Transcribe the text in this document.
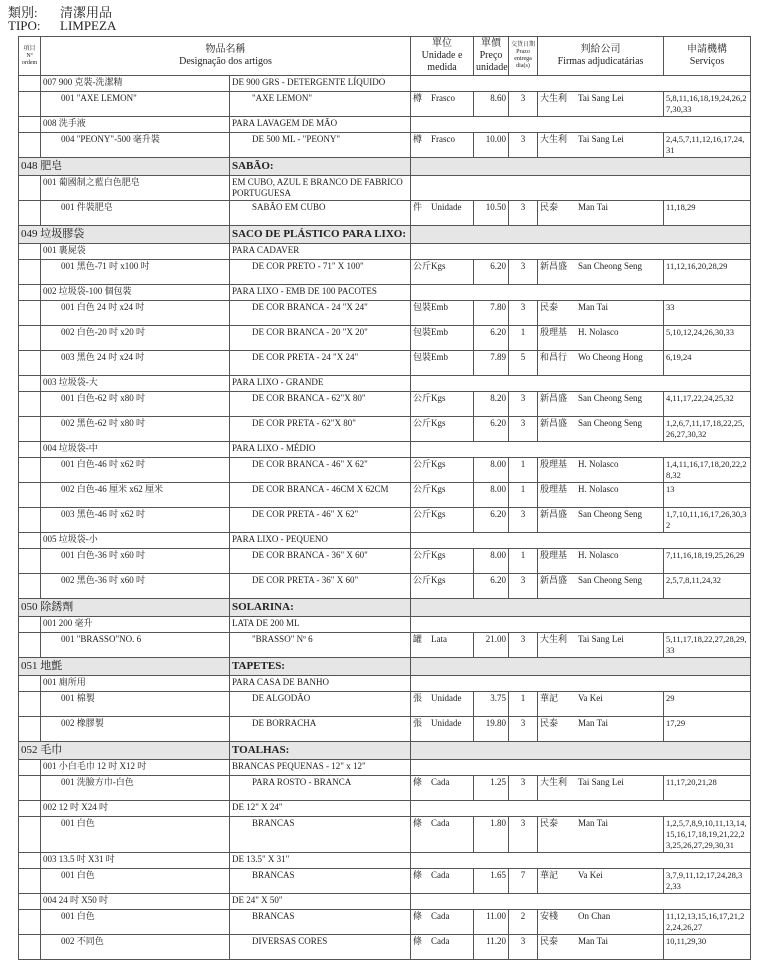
類別: 清潔用品
TIPO: LIMPEZA
項目
Nº
ordem	物品名稱
Designação dos artigos		單位
Unidade e
medida	單價
Preço
unidade	交貨日期 Prazo
entrega
dia(s)	判給公司
Firmas adjudicatárias	申請機構
Serviços
	007 900 克裝-洗潔精	DE 900 GRS - DETERGENTE LÍQUIDO					
	001 "AXE LEMON"	"AXE LEMON"	樽 Frasco	8.60	3	大生利 Tai Sang Lei	5,8,11,16,18,19,24,26,27,30,33
	008 洗手液	PARA LAVAGEM DE MÃO					
	004 "PEONY"-500 毫升裝	DE 500 ML - "PEONY"	樽 Frasco	10.00	3	大生利 Tai Sang Lei	2,4,5,7,11,12,16,17,24,31
048 肥皂		SABÃO:					
	001 葡國制之藍白色肥皂	EM CUBO, AZUL E BRANCO DE FABRICO PORTUGUESA					
	001 件裝肥皂	SABÃO EM CUBO	件 Unidade	10.50	3	民泰 Man Tai	11,18,29
049 垃圾膠袋		SACO DE PLÁSTICO PARA LIXO:					
	001 裹屍袋	PARA CADAVER					
	001 黑色-71 吋 x100 吋	DE COR PRETO - 71" X 100"	公斤Kgs	6.20	3	新昌盛 San Cheong Seng	11,12,16,20,28,29
	002 垃圾袋-100 個包裝	PARA LIXO - EMB DE 100 PACOTES					
	001 白色 24 吋 x24 吋	DE COR BRANCA - 24 "X 24"	包裝Emb	7.80	3	民泰 Man Tai	33
	002 白色-20 吋 x20 吋	DE COR BRANCA - 20 "X 20"	包裝Emb	6.20	1	殷理基 H. Nolasco	5,10,12,24,26,30,33
	003 黑色 24 吋 x24 吋	DE COR PRETA - 24 "X 24"	包裝Emb	7.89	5	和昌行 Wo Cheong Hong	6,19,24
	003 垃圾袋-大	PARA LIXO - GRANDE					
	001 白色-62 吋 x80 吋	DE COR BRANCA - 62"X 80"	公斤Kgs	8.20	3	新昌盛 San Cheong Seng	4,11,17,22,24,25,32
	002 黑色-62 吋 x80 吋	DE COR PRETA - 62"X 80"	公斤Kgs	6.20	3	新昌盛 San Cheong Seng	1,2,6,7,11,17,18,22,25,26,27,30,32
	004 垃圾袋-中	PARA LIXO - MÉDIO					
	001 白色-46 吋 x62 吋	DE COR BRANCA - 46" X 62"	公斤Kgs	8.00	1	殷理基 H. Nolasco	1,4,11,16,17,18,20,22,28,32
	002 白色-46 厘米 x62 厘米	DE COR BRANCA - 46CM X 62CM	公斤Kgs	8.00	1	殷理基 H. Nolasco	13
	003 黑色-46 吋 x62 吋	DE COR PRETA - 46" X 62"	公斤Kgs	6.20	3	新昌盛 San Cheong Seng	1,7,10,11,16,17,26,30,32
	005 垃圾袋-小	PARA LIXO - PEQUENO					
	001 白色-36 吋 x60 吋	DE COR BRANCA - 36" X 60"	公斤Kgs	8.00	1	殷理基 H. Nolasco	7,11,16,18,19,25,26,29
	002 黑色-36 吋 x60 吋	DE COR PRETA - 36" X 60"	公斤Kgs	6.20	3	新昌盛 San Cheong Seng	2,5,7,8,11,24,32
050 除銹劑		SOLARINA:					
	001 200 毫升	LATA DE 200 ML					
	001 "BRASSO"NO. 6	"BRASSO" Nº 6	罐 Lata	21.00	3	大生利 Tai Sang Lei	5,11,17,18,22,27,28,29,33
051 地氈		TAPETES:					
	001 廁所用	PARA CASA DE BANHO					
	001 棉製	DE ALGODÃO	張 Unidade	3.75	1	華記 Va Kei	29
	002 橡膠製	DE BORRACHA	張 Unidade	19.80	3	民泰 Man Tai	17,29
052 毛巾		TOALHAS:					
	001 小白毛巾 12 吋 X12 吋	BRANCAS PEQUENAS - 12" x 12"					
	001 洗臉方巾-白色	PARA ROSTO - BRANCA	條 Cada	1.25	3	大生利 Tai Sang Lei	11,17,20,21,28
	002 12 吋 X24 吋	DE 12" X 24"					
	001 白色	BRANCAS	條 Cada	1.80	3	民泰 Man Tai	1,2,5,7,8,9,10,11,13,14,15,16,17,18,19,21,22,23,25,26,27,29,30,31
	003 13.5 吋 X31 吋	DE 13.5" X 31"					
	001 白色	BRANCAS	條 Cada	1.65	7	華記 Va Kei	3,7,9,11,12,17,24,28,32,33
	004 24 吋 X50 吋	DE 24" X 50"					
	001 白色	BRANCAS	條 Cada	11.00	2	安棧 On Chan	11,12,13,15,16,17,21,22,24,26,27
	002 不同色	DIVERSAS CORES	條 Cada	11.20	3	民泰 Man Tai	10,11,29,30
